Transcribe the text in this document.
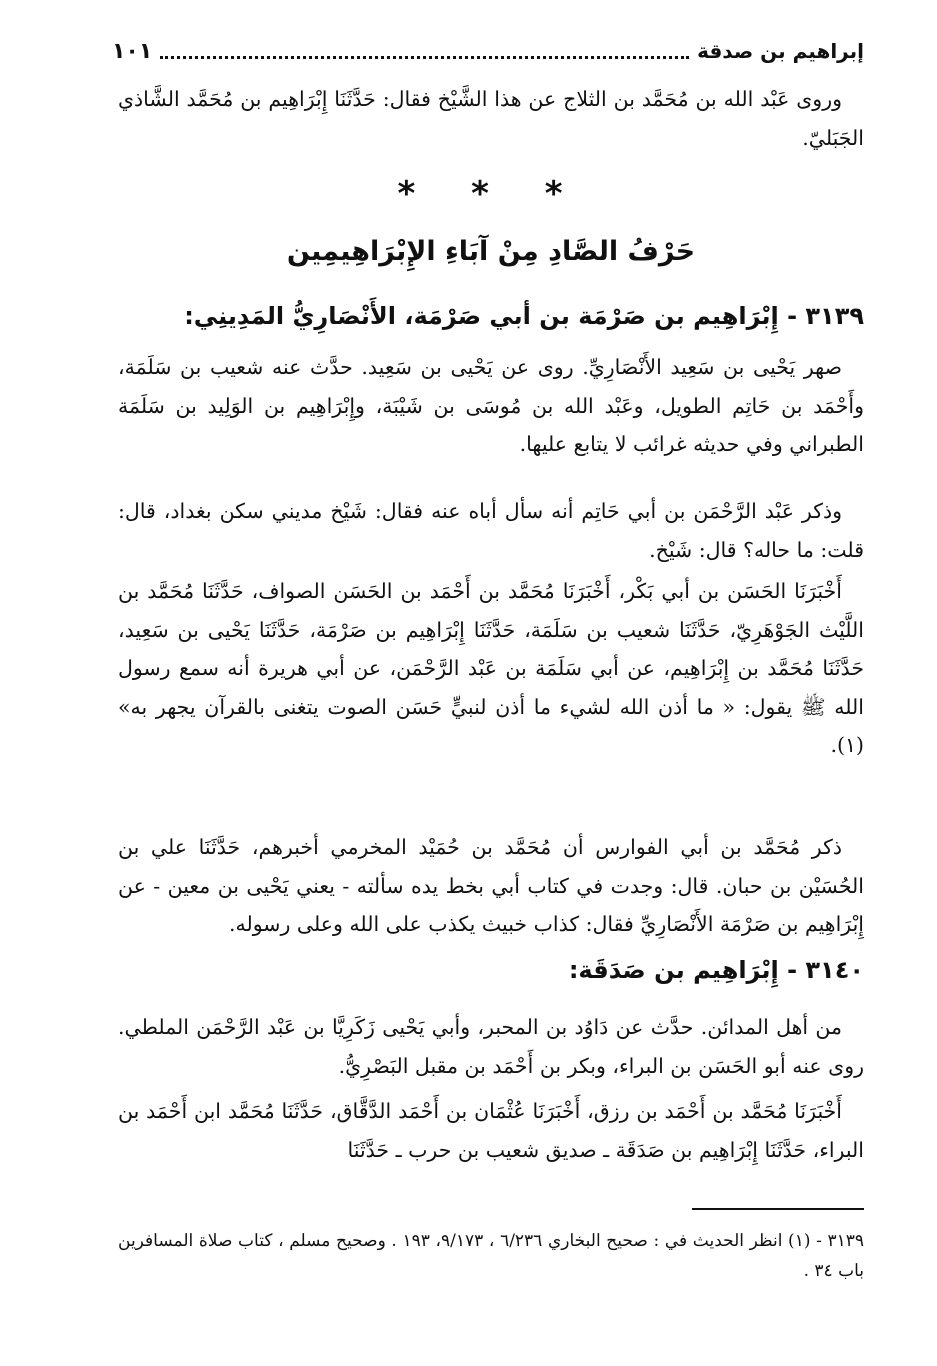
١٠١	إبراهيم بن صدقة

وروى عَبْد الله بن مُحَمَّد بن الثلاج عن هذا الشَّيْخ فقال: حَدَّثَنَا إِبْرَاهِيم بن مُحَمَّد الشَّاذي الجَبَليّ.

* * *
حَرْفُ الصَّادِ مِنْ آبَاءِ الإِبْرَاهِيمِين
٣١٣٩ - إِبْرَاهِيم بن صَرْمَة بن أبي صَرْمَة، الأَنْصَارِيُّ المَدِينِي:

صهر يَحْيى بن سَعِيد الأَنْصَارِيِّ. روى عن يَحْيى بن سَعِيد. حدَّث عنه شعيب بن سَلَمَة، وأَحْمَد بن حَاتِم الطويل، وعَبْد الله بن مُوسَى بن شَيْبَة، وإِبْرَاهِيم بن الوَلِيد بن سَلَمَة الطبراني وفي حديثه غرائب لا يتابع عليها.

وذكر عَبْد الرَّحْمَن بن أبي حَاتِم أنه سأل أباه عنه فقال: شَيْخ مديني سكن بغداد، قال: قلت: ما حاله؟ قال: شَيْخ.

أَخْبَرَنَا الحَسَن بن أبي بَكْر، أَخْبَرَنَا مُحَمَّد بن أَحْمَد بن الحَسَن الصواف، حَدَّثَنَا مُحَمَّد بن اللَّيْث الجَوْهَرِيّ، حَدَّثَنَا شعيب بن سَلَمَة، حَدَّثَنَا إِبْرَاهِيم بن صَرْمَة، حَدَّثَنَا يَحْيى بن سَعِيد، حَدَّثَنَا مُحَمَّد بن إِبْرَاهِيم، عن أبي سَلَمَة بن عَبْد الرَّحْمَن، عن أبي هريرة أنه سمع رسول الله ﷺ يقول: « ما أذن الله لشيء ما أذن لنبيٍّ حَسَن الصوت يتغنى بالقرآن يجهر به» (١).

ذكر مُحَمَّد بن أبي الفوارس أن مُحَمَّد بن حُمَيْد المخرمي أخبرهم، حَدَّثَنَا علي بن الحُسَيْن بن حبان. قال: وجدت في كتاب أبي بخط يده سألته - يعني يَحْيى بن معين - عن إِبْرَاهِيم بن صَرْمَة الأَنْصَارِيِّ فقال: كذاب خبيث يكذب على الله وعلى رسوله.

٣١٤٠ - إِبْرَاهِيم بن صَدَقَة:

من أهل المدائن. حدَّث عن دَاوُد بن المحبر، وأبي يَحْيى زَكَرِيَّا بن عَبْد الرَّحْمَن الملطي. روى عنه أبو الحَسَن بن البراء، وبكر بن أَحْمَد بن مقبل البَصْرِيُّ.

أَخْبَرَنَا مُحَمَّد بن أَحْمَد بن رزق، أَخْبَرَنَا عُثْمَان بن أَحْمَد الدَّقَّاق، حَدَّثَنَا مُحَمَّد ابن أَحْمَد بن البراء، حَدَّثَنَا إِبْرَاهِيم بن صَدَقَة ـ صديق شعيب بن حرب ـ حَدَّثَنَا

٣١٣٩ - (١) انظر الحديث في : صحيح البخاري ٦/٢٣٦ ، ٩/١٧٣، ١٩٣ . وصحيح مسلم ، كتاب صلاة المسافرين باب ٣٤ .
